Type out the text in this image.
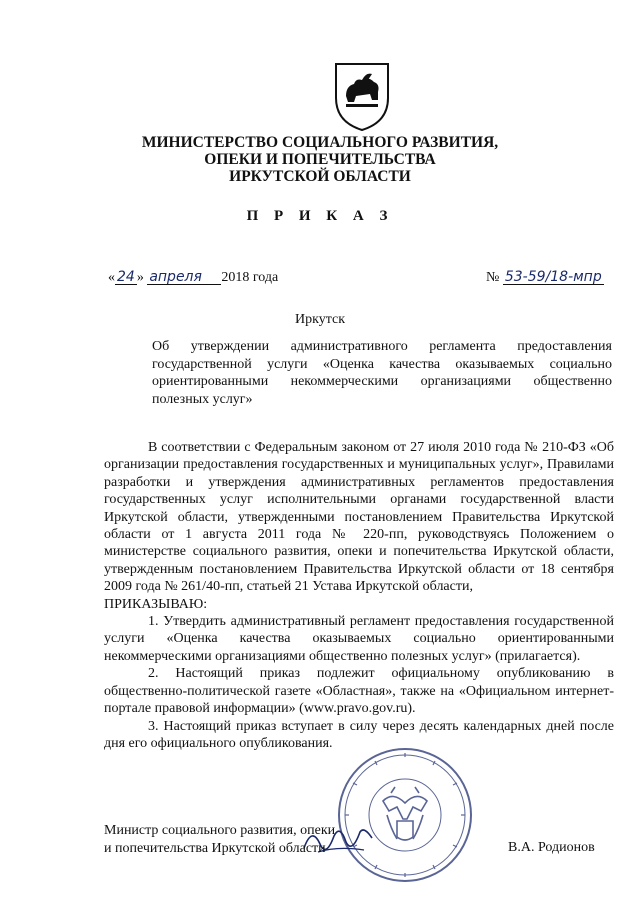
МИНИСТЕРСТВО СОЦИАЛЬНОГО РАЗВИТИЯ,
ОПЕКИ И ПОПЕЧИТЕЛЬСТВА
ИРКУТСКОЙ ОБЛАСТИ
П Р И К А З
« 24 » апреля 2018 года	№ 53-59/18-мпр
Иркутск
Об утверждении административного регламента предоставления государственной услуги «Оценка качества оказываемых социально ориентированными некоммерческими организациями общественно полезных услуг»

В соответствии с Федеральным законом от 27 июля 2010 года № 210-ФЗ «Об организации предоставления государственных и муниципальных услуг», Правилами разработки и утверждения административных регламентов предоставления государственных услуг исполнительными органами государственной власти Иркутской области, утвержденными постановлением Правительства Иркутской области от 1 августа 2011 года № 220-пп, руководствуясь Положением о министерстве социального развития, опеки и попечительства Иркутской области, утвержденным постановлением Правительства Иркутской области от 18 сентября 2009 года № 261/40-пп, статьей 21 Устава Иркутской области,

ПРИКАЗЫВАЮ:

1. Утвердить административный регламент предоставления государственной услуги «Оценка качества оказываемых социально ориентированными некоммерческими организациями общественно полезных услуг» (прилагается).

2. Настоящий приказ подлежит официальному опубликованию в общественно-политической газете «Областная», также на «Официальном интернет-портале правовой информации» (www.pravo.gov.ru).

3. Настоящий приказ вступает в силу через десять календарных дней после дня его официального опубликования.

Министр социального развития, опеки
и попечительства Иркутской области	В.А. Родионов
